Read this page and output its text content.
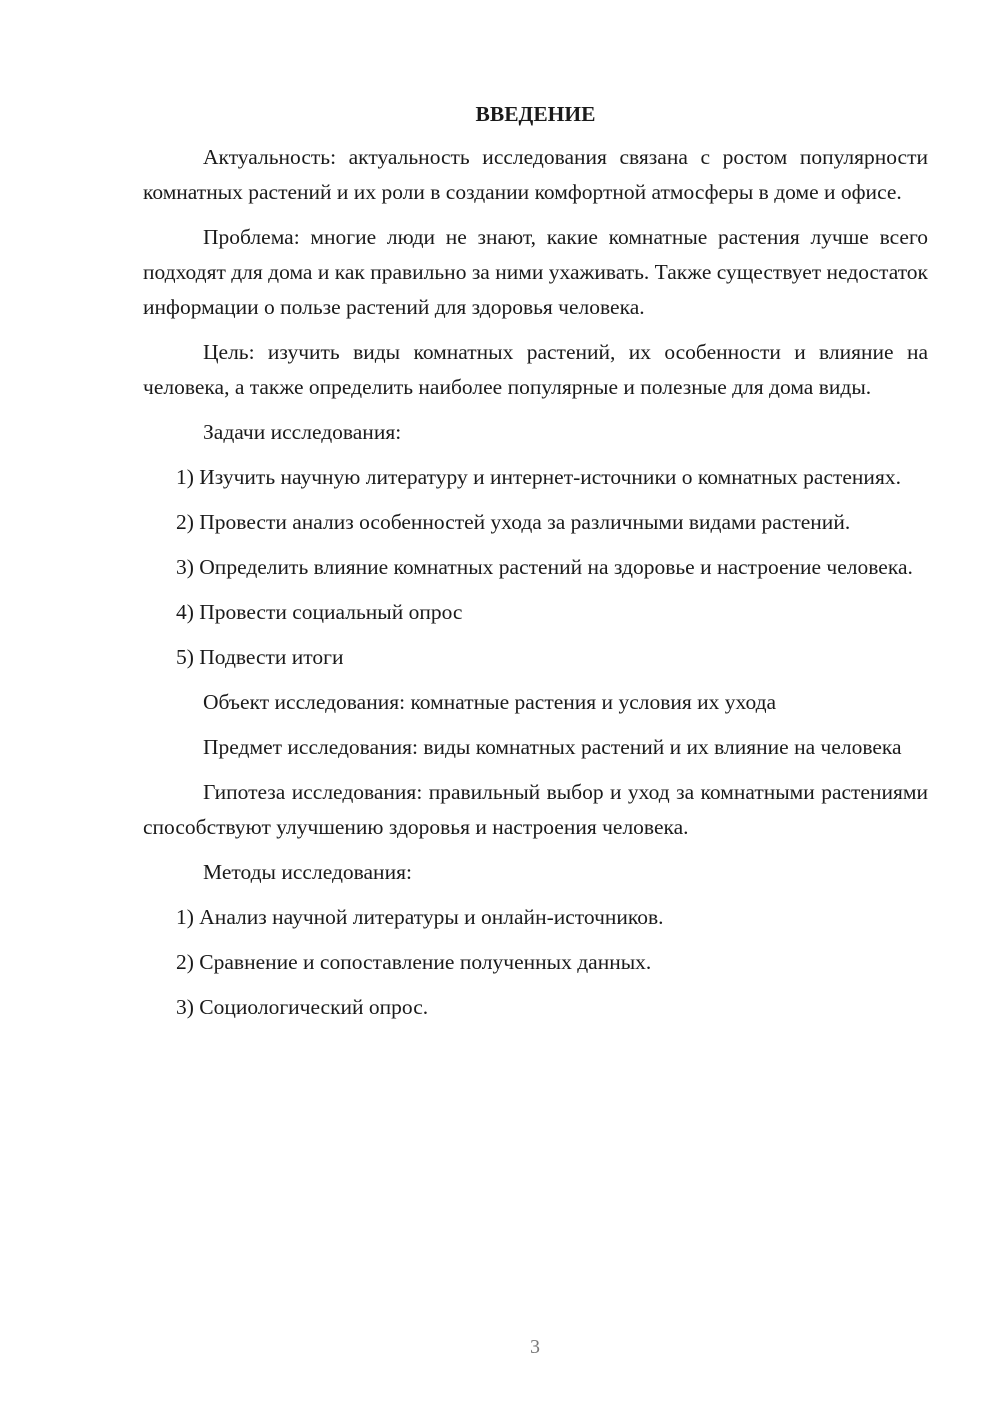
ВВЕДЕНИЕ

Актуальность: актуальность исследования связана с ростом популярности комнатных растений и их роли в создании комфортной атмосферы в доме и офисе.

Проблема: многие люди не знают, какие комнатные растения лучше всего подходят для дома и как правильно за ними ухаживать. Также существует недостаток информации о пользе растений для здоровья человека.

Цель: изучить виды комнатных растений, их особенности и влияние на человека, а также определить наиболее популярные и полезные для дома виды.

Задачи исследования:

1) Изучить научную литературу и интернет-источники о комнатных растениях.

2) Провести анализ особенностей ухода за различными видами растений.

3) Определить влияние комнатных растений на здоровье и настроение человека.

4) Провести социальный опрос

5) Подвести итоги

Объект исследования: комнатные растения и условия их ухода

Предмет исследования: виды комнатных растений и их влияние на человека

Гипотеза исследования: правильный выбор и уход за комнатными растениями способствуют улучшению здоровья и настроения человека.

Методы исследования:

1) Анализ научной литературы и онлайн-источников.

2) Сравнение и сопоставление полученных данных.

3) Социологический опрос.

3
